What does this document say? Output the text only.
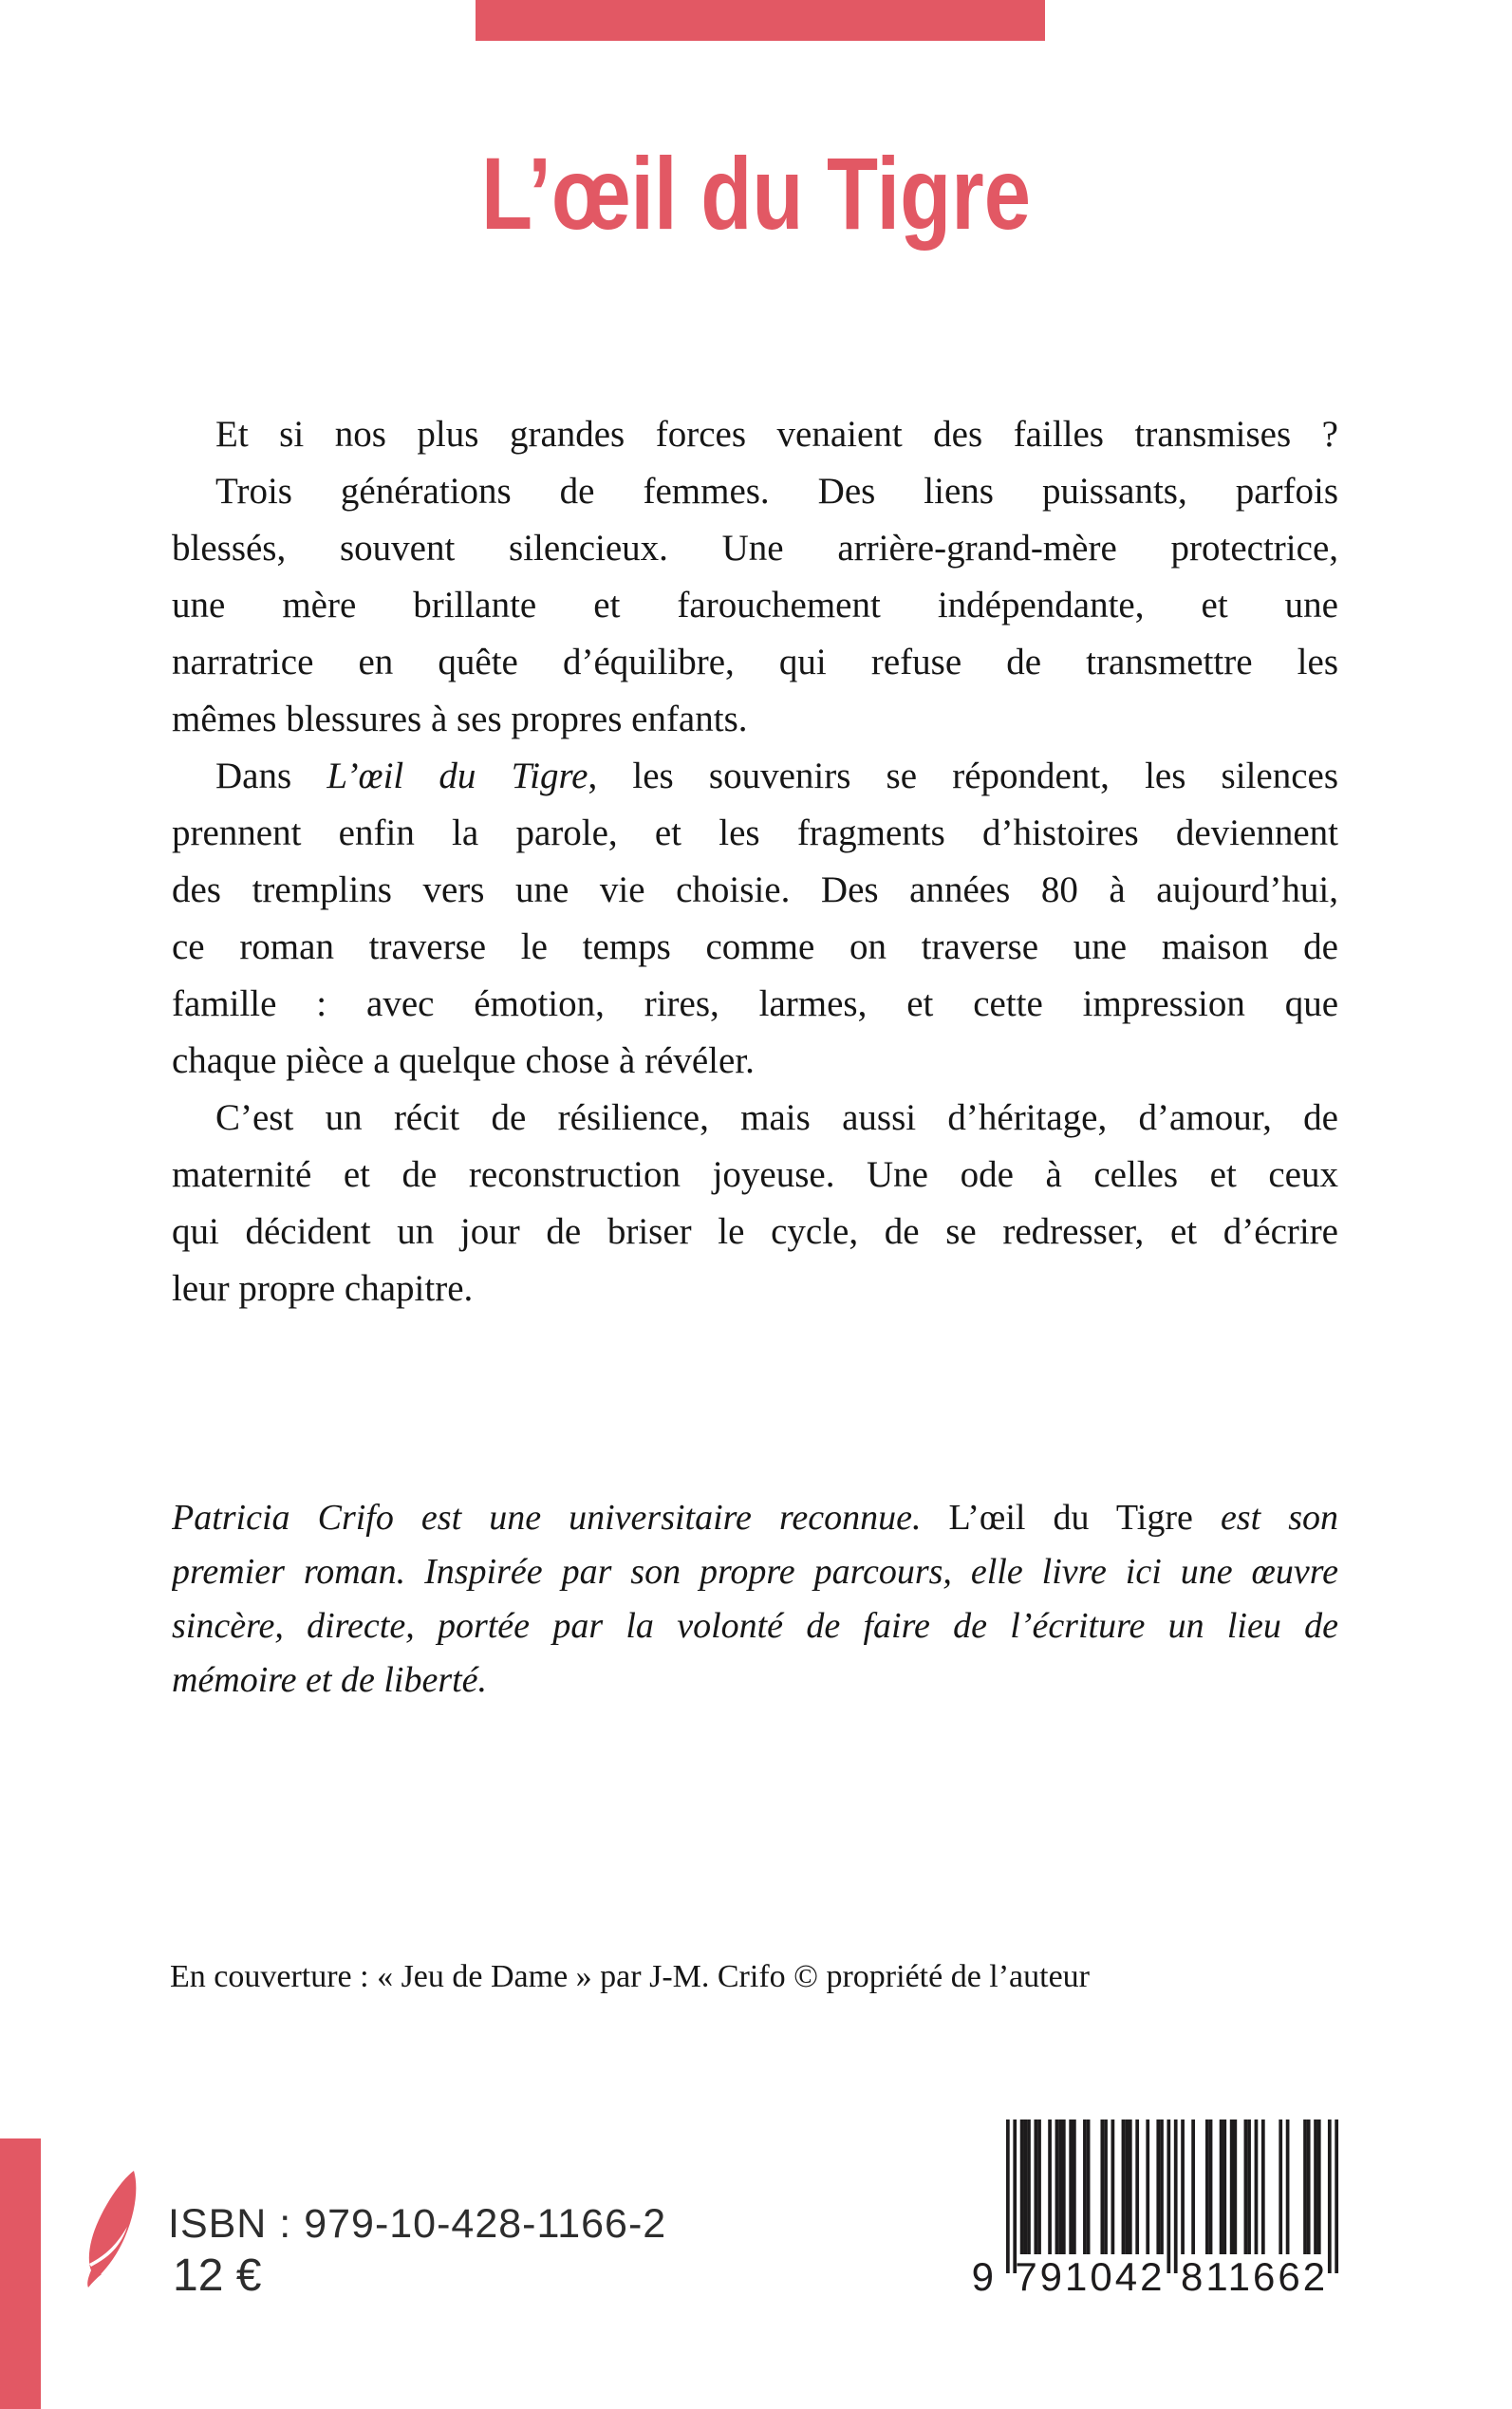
L’œil du Tigre
Et si nos plus grandes forces venaient des failles transmises ?
Trois générations de femmes. Des liens puissants, parfois
blessés, souvent silencieux. Une arrière-grand-mère protectrice,
une mère brillante et farouchement indépendante, et une
narratrice en quête d’équilibre, qui refuse de transmettre les
mêmes blessures à ses propres enfants.
Dans L’œil du Tigre, les souvenirs se répondent, les silences
prennent enfin la parole, et les fragments d’histoires deviennent
des tremplins vers une vie choisie. Des années 80 à aujourd’hui,
ce roman traverse le temps comme on traverse une maison de
famille : avec émotion, rires, larmes, et cette impression que
chaque pièce a quelque chose à révéler.
C’est un récit de résilience, mais aussi d’héritage, d’amour, de
maternité et de reconstruction joyeuse. Une ode à celles et ceux
qui décident un jour de briser le cycle, de se redresser, et d’écrire
leur propre chapitre.
Patricia Crifo est une universitaire reconnue. L’œil du Tigre est son
premier roman. Inspirée par son propre parcours, elle livre ici une œuvre
sincère, directe, portée par la volonté de faire de l’écriture un lieu de
mémoire et de liberté.
En couverture : « Jeu de Dame » par J-M. Crifo © propriété de l’auteur
ISBN : 979-10-428-1166-2
12 €	9 791042 811662
